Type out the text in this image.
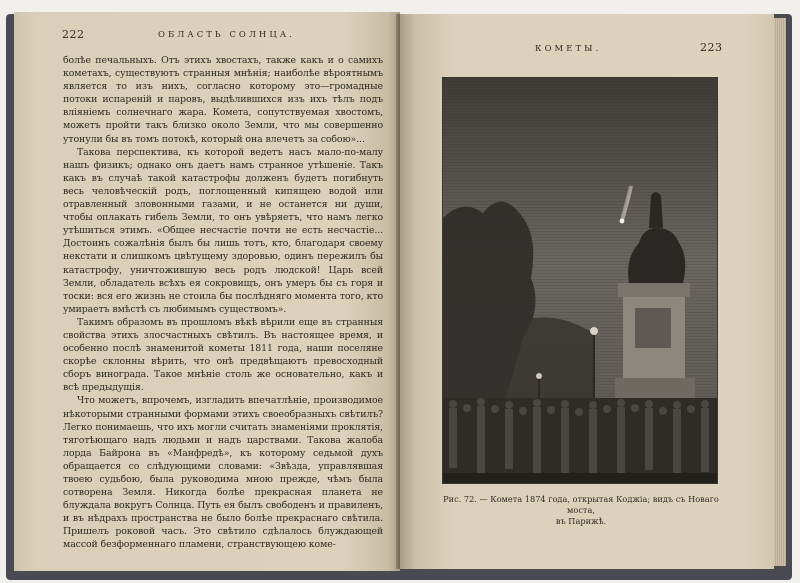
222	ОБЛАСТЬ СОЛНЦА.

болѣе печальныхъ. Отъ этихъ хвостахъ, также какъ и о самихъ кометахъ, существуютъ странныя мнѣнія; наиболѣе вѣроятнымъ является то изъ нихъ, согласно которому это—громадные потоки испареній и паровъ, выдѣлившихся изъ ихъ тѣлъ подъ вліяніемъ солнечнаго жара. Комета, сопутствуемая хвостомъ, можетъ пройти такъ близко около Земли, что мы совершенно утонули бы въ томъ потокѣ, который она влечетъ за собою»...

Такова перспектива, къ которой ведетъ насъ мало-по-малу нашъ физикъ; однако онъ даетъ намъ странное утѣшеніе. Такъ какъ въ случаѣ такой катастрофы долженъ будетъ погибнуть весь человѣческій родъ, поглощенный кипящею водой или отравленный зловонными газами, и не останется ни души, чтобы оплакать гибель Земли, то онъ увѣряетъ, что намъ легко утѣшиться этимъ. «Общее несчастіе почти не есть несчастіе... Достоинъ сожалѣнія былъ бы лишь тотъ, кто, благодаря своему некстати и слишкомъ цвѣтущему здоровью, одинъ пережилъ бы катастрофу, уничтожившую весь родъ людской! Царь всей Земли, обладатель всѣхъ ея сокровищъ, онъ умеръ бы съ горя и тоски: вся его жизнь не стоила бы послѣдняго момента того, кто умираетъ вмѣстѣ съ любимымъ существомъ».

Такимъ образомъ въ прошломъ вѣкѣ вѣрили еще въ странныя свойства этихъ злосчастныхъ свѣтилъ. Въ настоящее время, и особенно послѣ знаменитой кометы 1811 года, наши поселяне скорѣе склонны вѣрить, что онѣ предвѣщаютъ превосходный сборъ винограда. Такое мнѣніе столь же основательно, какъ и всѣ предыдущія.

Что можетъ, впрочемъ, изгладить впечатлѣніе, производимое нѣкоторыми странными формами этихъ своеобразныхъ свѣтилъ? Легко понимаешь, что ихъ могли считать знаменіями проклятія, тяготѣющаго надъ людьми и надъ царствами. Такова жалоба лорда Байрона въ «Манфредѣ», къ которому седьмой духъ обращается со слѣдующими словами: «Звѣзда, управлявшая твоею судьбою, была руководима мною прежде, чѣмъ была сотворена Земля. Никогда болѣе прекрасная планета не блуждала вокругъ Солнца. Путь ея былъ свободенъ и правиленъ, и въ нѣдрахъ пространства не было болѣе прекраснаго свѣтила. Пришелъ роковой часъ. Это свѣтило сдѣлалось блуждающей массой безформеннаго пламени, странствующею коме-

КОМЕТЫ.	223
Рис. 72. — Комета 1874 года, открытая Коджіа; видъ съ Новаго моста,
въ Парижѣ.
